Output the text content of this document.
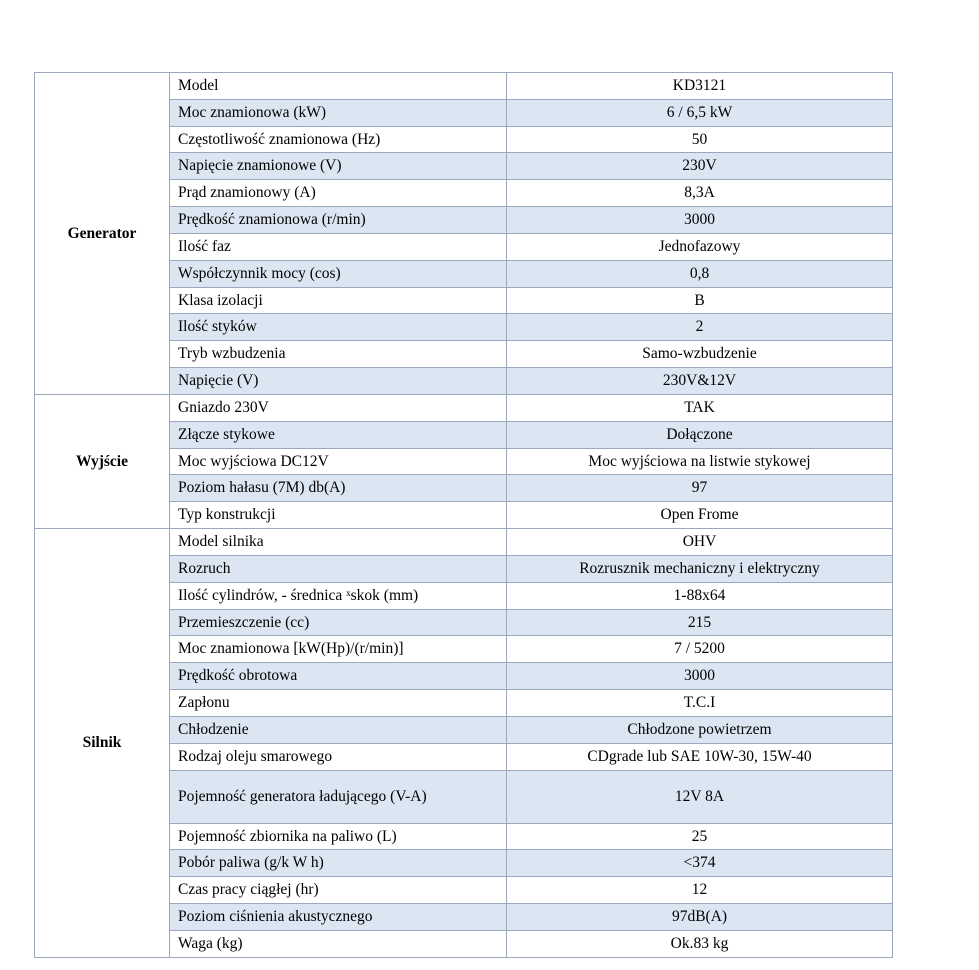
Generator	Model	KD3121
	Moc znamionowa (kW)	6 / 6,5 kW
	Częstotliwość znamionowa (Hz)	50
	Napięcie znamionowe (V)	230V
	Prąd znamionowy (A)	8,3A
	Prędkość znamionowa (r/min)	3000
	Ilość faz	Jednofazowy
	Współczynnik mocy (cos)	0,8
	Klasa izolacji	B
	Ilość styków	2
	Tryb wzbudzenia	Samo-wzbudzenie
	Napięcie (V)	230V&12V
Wyjście	Gniazdo 230V	TAK
	Złącze stykowe	Dołączone
	Moc wyjściowa DC12V	Moc wyjściowa na listwie stykowej
	Poziom hałasu (7M) db(A)	97
	Typ konstrukcji	Open Frome
Silnik	Model silnika	OHV
	Rozruch	Rozrusznik mechaniczny i elektryczny
	Ilość cylindrów, - średnica ˣskok (mm)	1-88x64
	Przemieszczenie (cc)	215
	Moc znamionowa [kW(Hp)/(r/min)]	7 / 5200
	Prędkość obrotowa	3000
	Zapłonu	T.C.I
	Chłodzenie	Chłodzone powietrzem
	Rodzaj oleju smarowego	CDgrade lub SAE 10W-30, 15W-40
	Pojemność generatora ładującego (V-A)	12V 8A
	Pojemność zbiornika na paliwo (L)	25
	Pobór paliwa (g/k W h)	<374
	Czas pracy ciągłej (hr)	12
	Poziom ciśnienia akustycznego	97dB(A)
	Waga (kg)	Ok.83 kg
